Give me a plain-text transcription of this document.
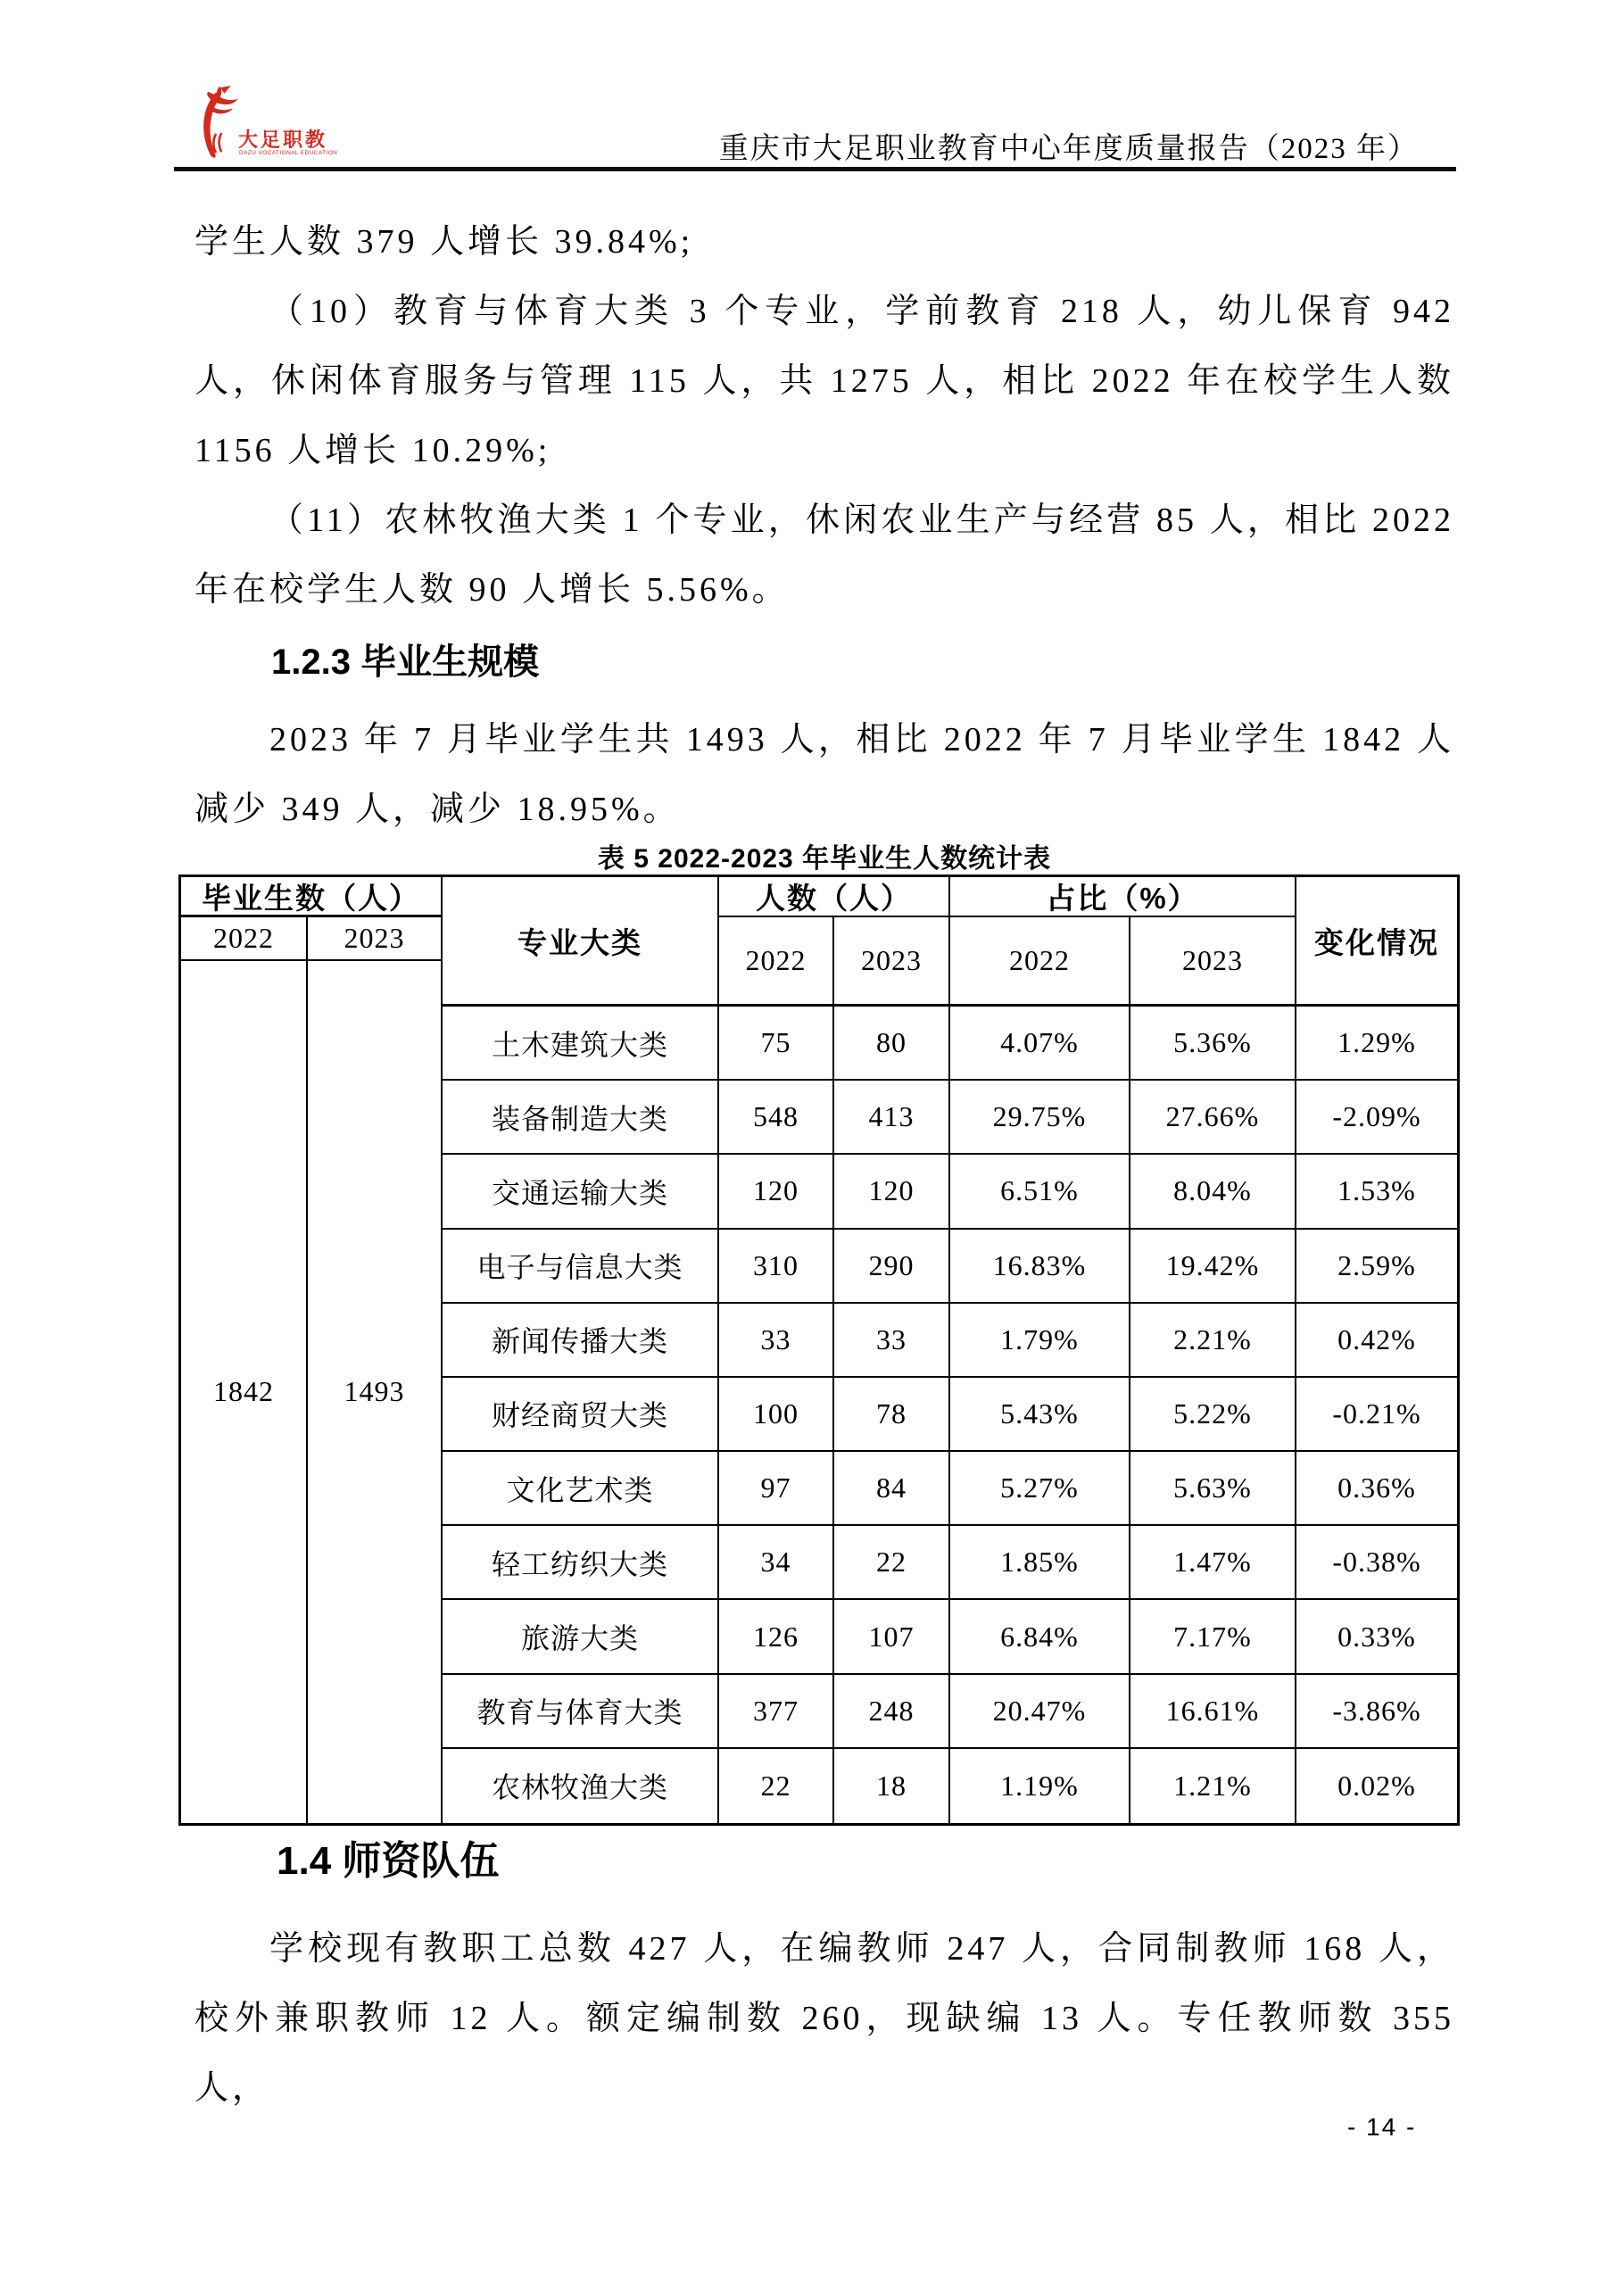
大足职教
DAZU VOCATIONAL EDUCATION	重庆市大足职业教育中心年度质量报告（2023 年）
学生人数 379 人增长 39.84%;
（10）教育与体育大类 3 个专业，学前教育 218 人，幼儿保育 942 人，休闲体育服务与管理 115 人，共 1275 人，相比 2022 年在校学生人数 1156 人增长 10.29%;
（11）农林牧渔大类 1 个专业，休闲农业生产与经营 85 人，相比 2022 年在校学生人数 90 人增长 5.56%。
1.2.3 毕业生规模
2023 年 7 月毕业学生共 1493 人，相比 2022 年 7 月毕业学生 1842 人减少 349 人，减少 18.95%。
表 5 2022-2023 年毕业生人数统计表
毕业生数（人）
专业大类
人数（人）	占比（%）
变化情况
2022	2023
1842	1493
2022	2023	2022	2023
土木建筑大类	75	80	4.07%	5.36%	1.29%
装备制造大类	548	413	29.75%	27.66%	-2.09%
交通运输大类	120	120	6.51%	8.04%	1.53%
电子与信息大类	310	290	16.83%	19.42%	2.59%
新闻传播大类	33	33	1.79%	2.21%	0.42%
财经商贸大类	100	78	5.43%	5.22%	-0.21%
文化艺术类	97	84	5.27%	5.63%	0.36%
轻工纺织大类	34	22	1.85%	1.47%	-0.38%
旅游大类	126	107	6.84%	7.17%	0.33%
教育与体育大类	377	248	20.47%	16.61%	-3.86%
农林牧渔大类	22	18	1.19%	1.21%	0.02%
1.4 师资队伍
学校现有教职工总数 427 人，在编教师 247 人，合同制教师 168 人，校外兼职教师 12 人。额定编制数 260，现缺编 13 人。专任教师数 355 人，
- 14 -
